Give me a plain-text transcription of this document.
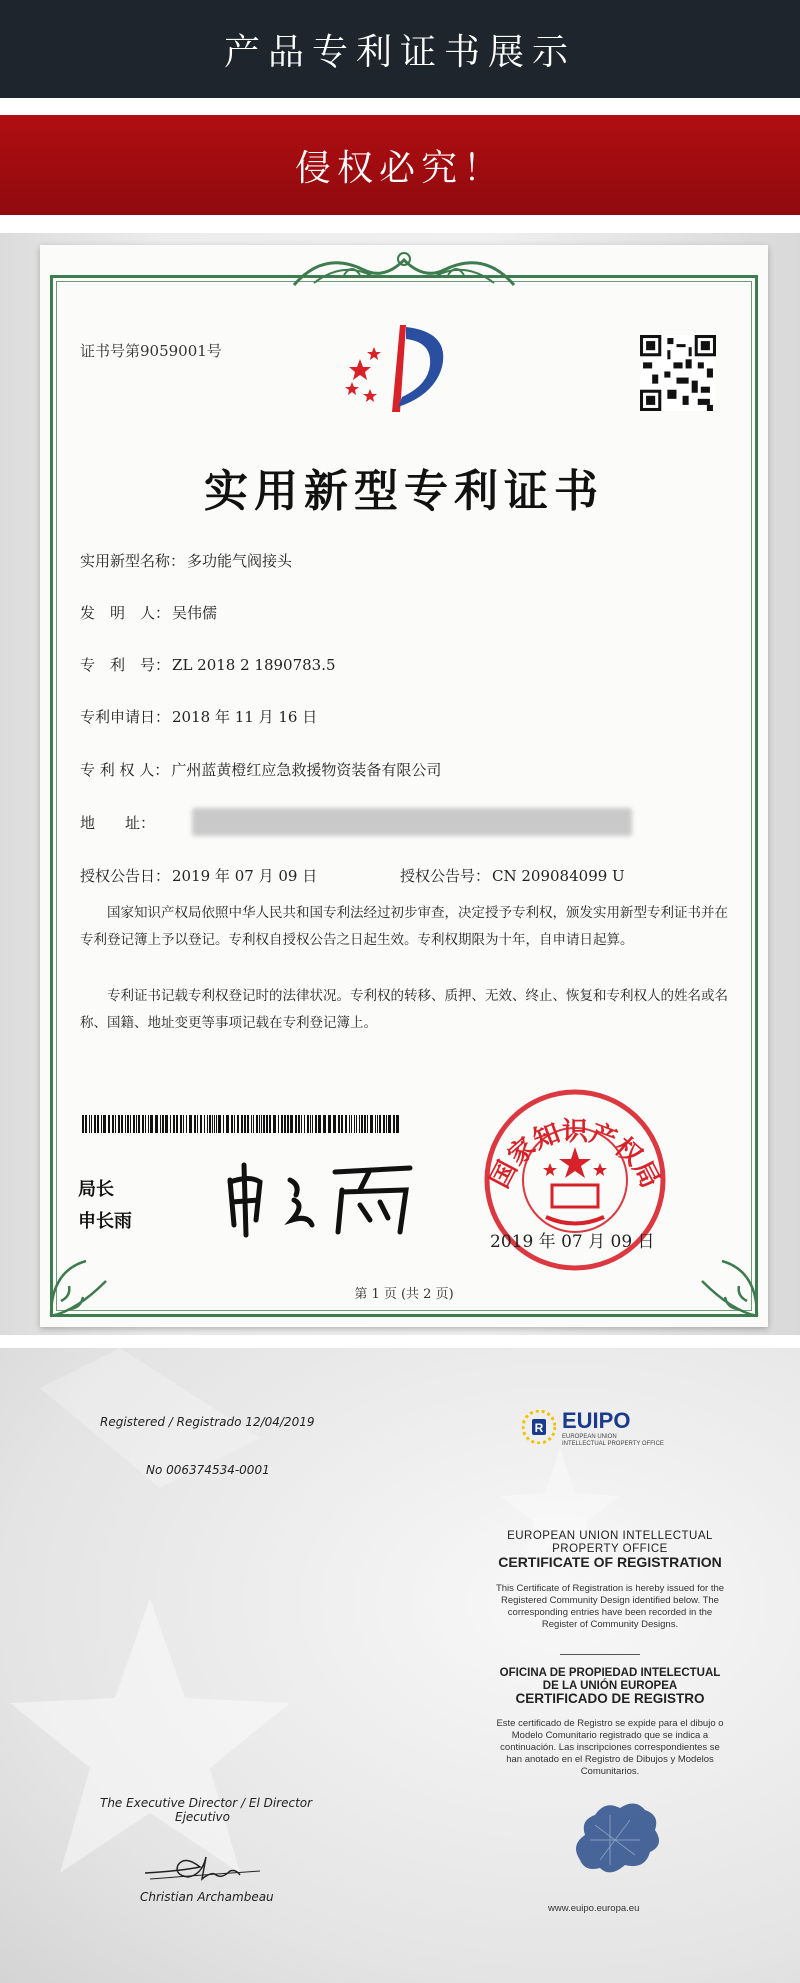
产品专利证书展示
侵权必究！
证书号第9059001号
实用新型专利证书
实用新型名称： 多功能气阀接头
发　明　人： 吴伟儒
专　利　号： ZL 2018 2 1890783.5
专利申请日： 2018 年 11 月 16 日
专 利 权 人： 广州蓝黄橙红应急救援物资装备有限公司
地　　址：
授权公告日： 2019 年 07 月 09 日	授权公告号： CN 209084099 U
国家知识产权局依照中华人民共和国专利法经过初步审查，决定授予专利权，颁发实用新型专利证书并在专利登记簿上予以登记。专利权自授权公告之日起生效。专利权期限为十年，自申请日起算。
专利证书记载专利权登记时的法律状况。专利权的转移、质押、无效、终止、恢复和专利权人的姓名或名称、国籍、地址变更等事项记载在专利登记簿上。
局长
申长雨
国家知识产权局
2019 年 07 月 09 日
第 1 页 (共 2 页)
Registered / Registrado 12/04/2019
No 006374534-0001
R EUIPO
EUROPEAN UNION
INTELLECTUAL PROPERTY OFFICE
EUROPEAN UNION INTELLECTUAL
PROPERTY OFFICE
CERTIFICATE OF REGISTRATION
This Certificate of Registration is hereby issued for the
Registered Community Design identified below. The
corresponding entries have been recorded in the
Register of Community Designs.
OFICINA DE PROPIEDAD INTELECTUAL
DE LA UNIÓN EUROPEA
CERTIFICADO DE REGISTRO
Este certificado de Registro se expide para el dibujo o
Modelo Comunitario registrado que se indica a
continuación. Las inscripciones correspondientes se
han anotado en el Registro de Dibujos y Modelos
Comunitarios.
The Executive Director / El Director
Ejecutivo
Christian Archambeau
www.euipo.europa.eu
